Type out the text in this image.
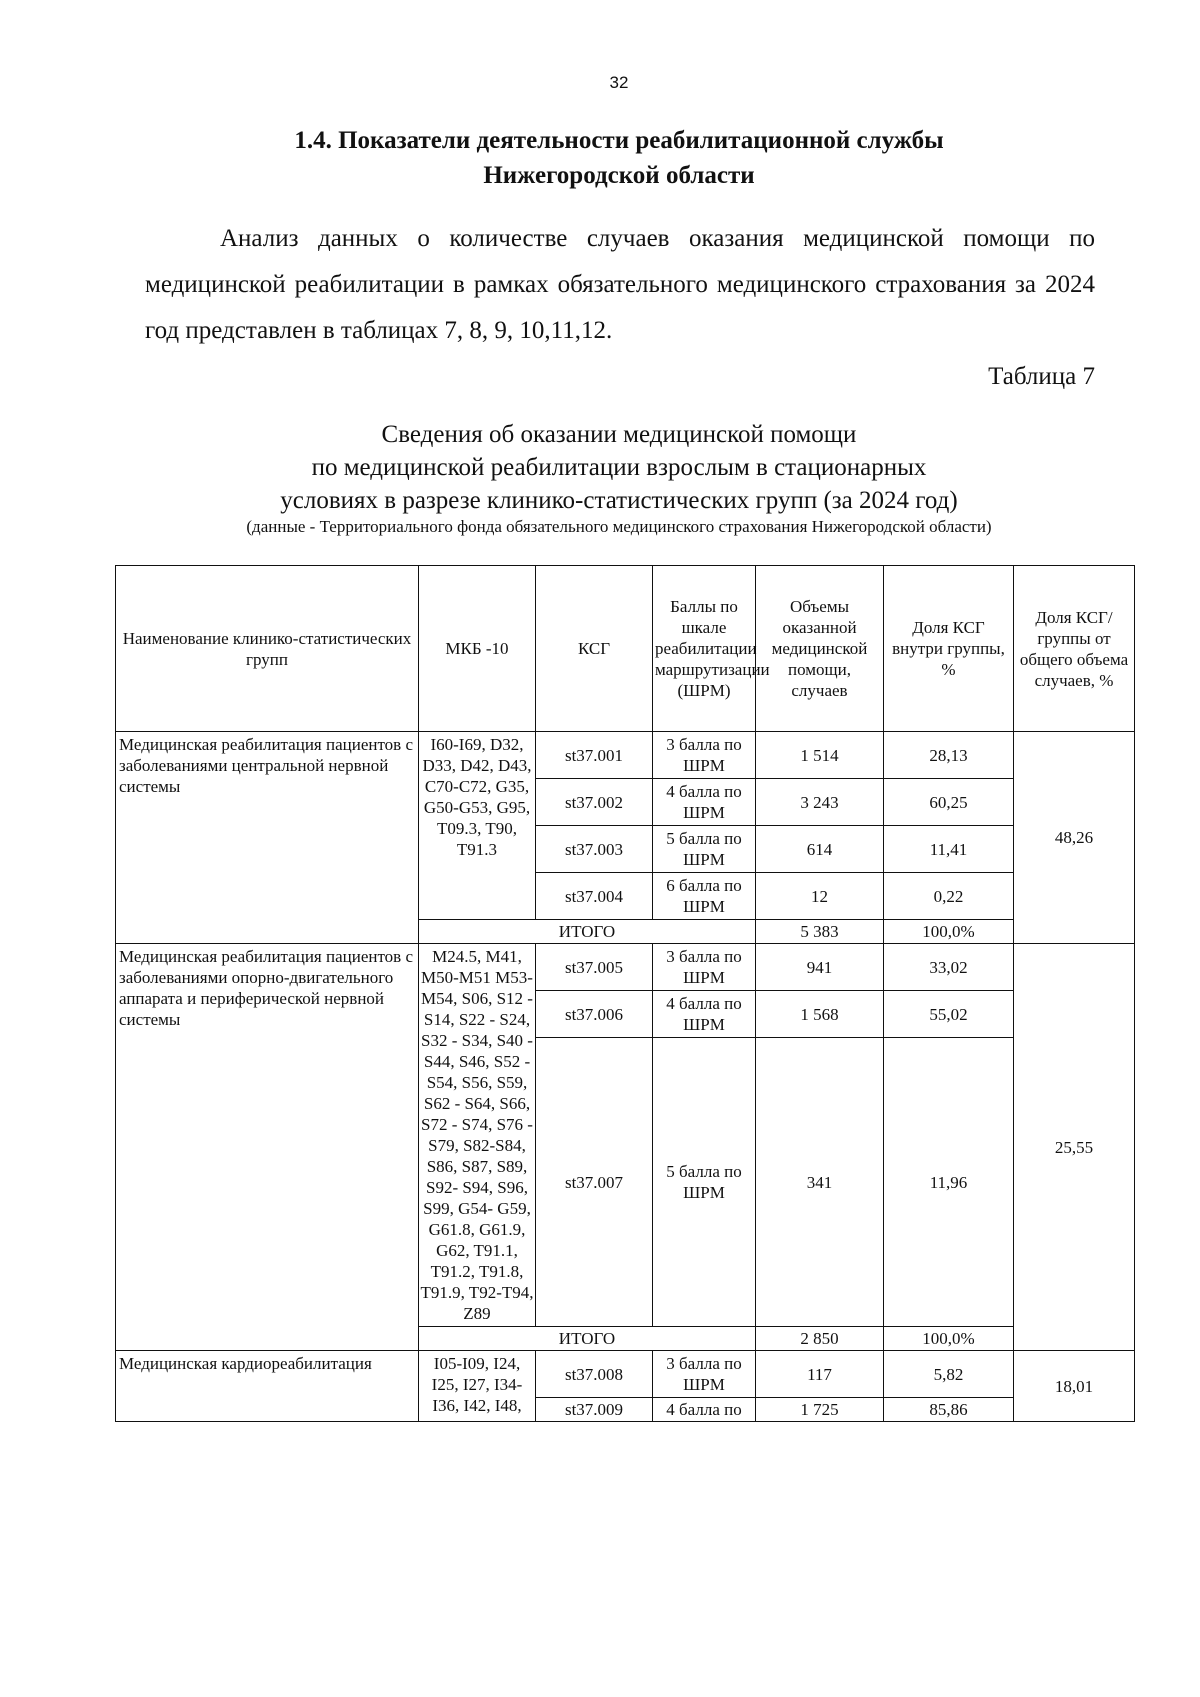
32
1.4. Показатели деятельности реабилитационной службы
Нижегородской области

Анализ данных о количестве случаев оказания медицинской помощи по медицинской реабилитации в рамках обязательного медицинского страхования за 2024 год представлен в таблицах 7, 8, 9, 10,11,12.

Таблица 7
Сведения об оказании медицинской помощи
по медицинской реабилитации взрослым в стационарных
условиях в разрезе клинико-статистических групп (за 2024 год)
(данные - Территориального фонда обязательного медицинского страхования Нижегородской области)
Наименование клинико-статистических групп	МКБ -10	КСГ	Баллы по шкале реабилитации маршрутизации (ШРМ)	Объемы оказанной медицинской помощи, случаев	Доля КСГ внутри группы, %	Доля КСГ/группы от общего объема случаев, %
Медицинская реабилитация пациентов с заболеваниями центральной нервной системы	I60-I69, D32, D33, D42, D43, C70-C72, G35, G50-G53, G95, T09.3, T90, T91.3	st37.001	3 балла по ШРМ	1 514	28,13	48,26
		st37.002	4 балла по ШРМ	3 243	60,25	
		st37.003	5 балла по ШРМ	614	11,41	
		st37.004	6 балла по ШРМ	12	0,22	
	ИТОГО			5 383	100,0%	
Медицинская реабилитация пациентов с заболеваниями опорно-двигательного аппарата и периферической нервной системы	M24.5, M41, M50-M51 M53-M54, S06, S12 - S14, S22 - S24, S32 - S34, S40 - S44, S46, S52 - S54, S56, S59, S62 - S64, S66, S72 - S74, S76 - S79, S82-S84, S86, S87, S89, S92- S94, S96, S99, G54- G59, G61.8, G61.9, G62, T91.1, T91.2, T91.8, T91.9, T92-T94, Z89	st37.005	3 балла по ШРМ	941	33,02	25,55
		st37.006	4 балла по ШРМ	1 568	55,02	
		st37.007	5 балла по ШРМ	341	11,96	
	ИТОГО			2 850	100,0%	
Медицинская кардиореабилитация	I05-I09, I24, I25, I27, I34- I36, I42, I48,	st37.008	3 балла по ШРМ	117	5,82	18,01
		st37.009	4 балла по	1 725	85,86	
